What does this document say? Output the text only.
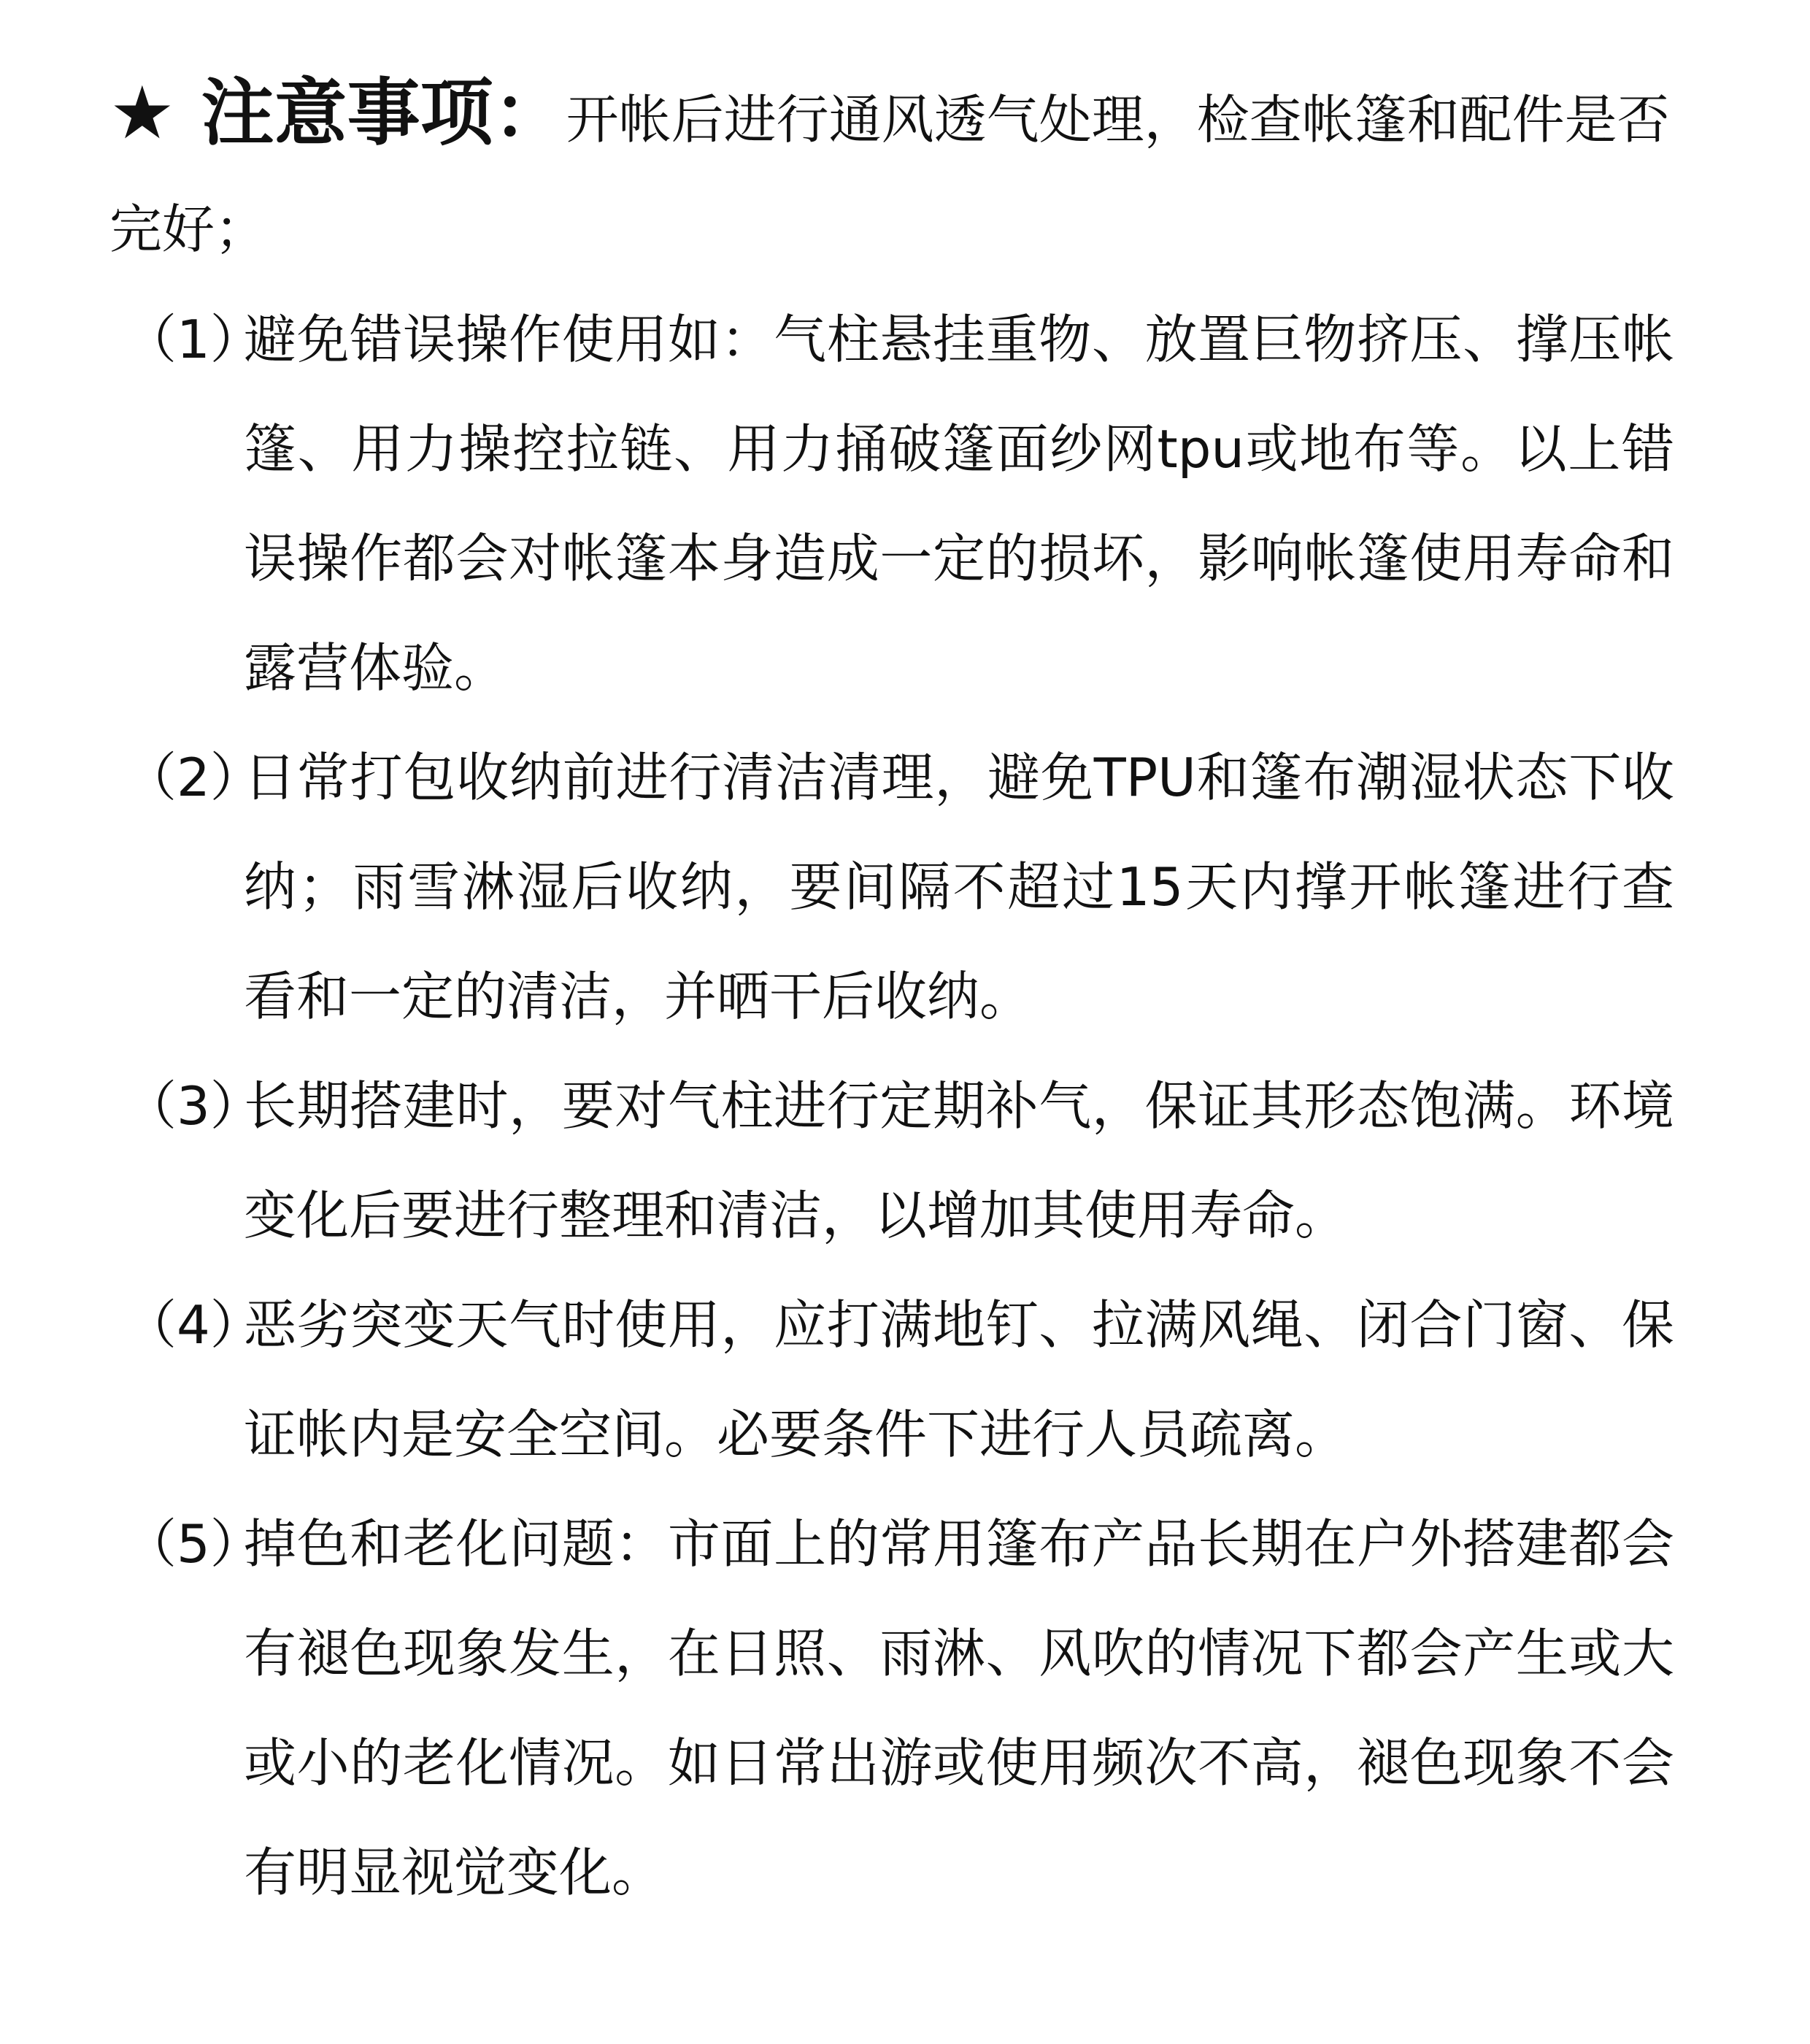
★ 注意事项：开帐后进行通风透气处理，检查帐篷和配件是否完好；
（1）
避免错误操作使用如：气柱悬挂重物、放置巨物挤压、撑压帐篷、用力操控拉链、用力捅破篷面纱网tpu或地布等。以上错误操作都会对帐篷本身造成一定的损坏，影响帐篷使用寿命和露营体验。
（2）
日常打包收纳前进行清洁清理，避免TPU和篷布潮湿状态下收纳；雨雪淋湿后收纳，要间隔不超过15天内撑开帐篷进行查看和一定的清洁，并晒干后收纳。
（3）
长期搭建时，要对气柱进行定期补气，保证其形态饱满。环境变化后要进行整理和清洁，以增加其使用寿命。
（4）
恶劣突变天气时使用，应打满地钉、拉满风绳、闭合门窗、保证帐内是安全空间。必要条件下进行人员疏离。
（5）
掉色和老化问题：市面上的常用篷布产品长期在户外搭建都会有褪色现象发生，在日照、雨淋、风吹的情况下都会产生或大或小的老化情况。如日常出游或使用频次不高，褪色现象不会有明显视觉变化。
